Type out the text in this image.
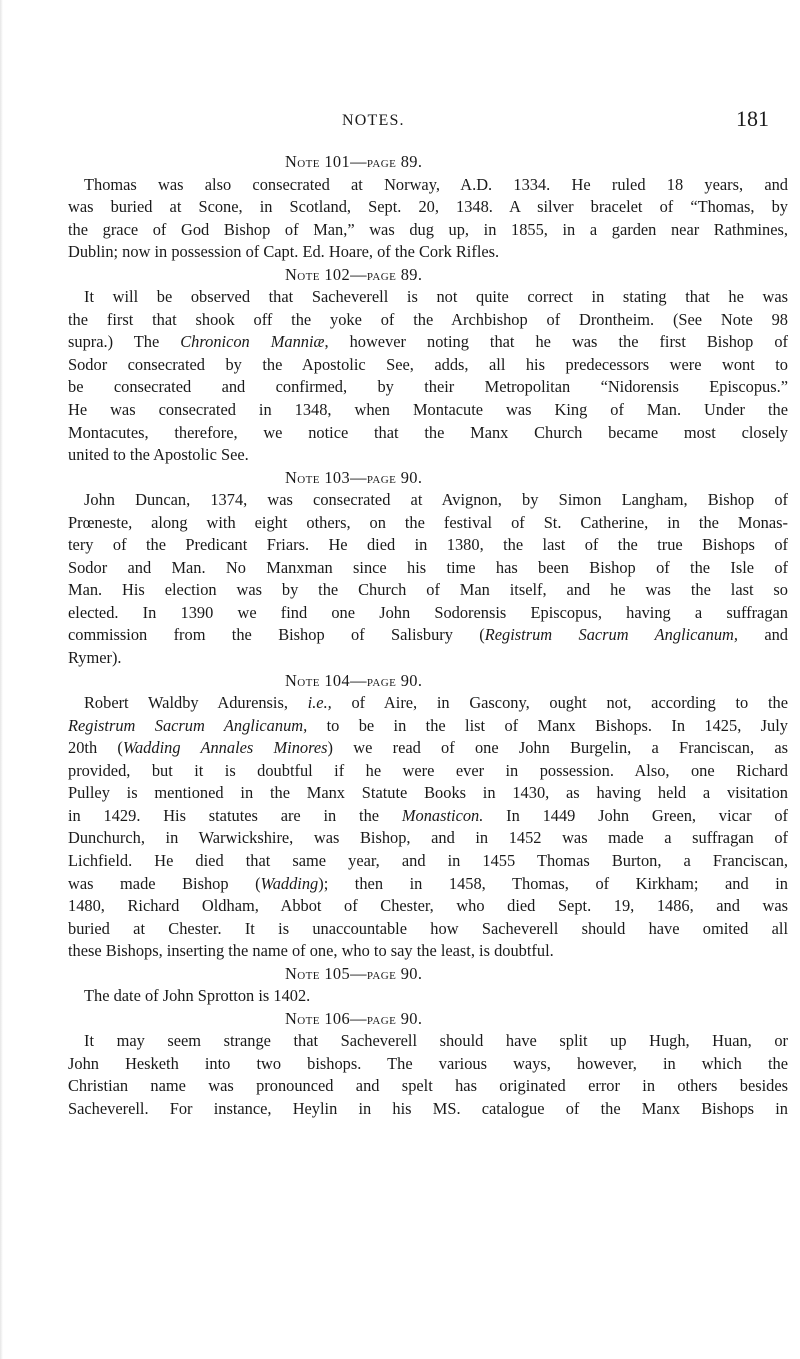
NOTES.	181
Note 101—page 89.
Thomas was also consecrated at Norway, A.D. 1334. He ruled 18 years, and
was buried at Scone, in Scotland, Sept. 20, 1348. A silver bracelet of “Thomas, by
the grace of God Bishop of Man,” was dug up, in 1855, in a garden near Rathmines,
Dublin; now in possession of Capt. Ed. Hoare, of the Cork Rifles.
Note 102—page 89.
It will be observed that Sacheverell is not quite correct in stating that he was
the first that shook off the yoke of the Archbishop of Drontheim. (See Note 98
supra.) The Chronicon Manniæ, however noting that he was the first Bishop of
Sodor consecrated by the Apostolic See, adds, all his predecessors were wont to
be consecrated and confirmed, by their Metropolitan “Nidorensis Episcopus.”
He was consecrated in 1348, when Montacute was King of Man. Under the
Montacutes, therefore, we notice that the Manx Church became most closely
united to the Apostolic See.
Note 103—page 90.
John Duncan, 1374, was consecrated at Avignon, by Simon Langham, Bishop of
Prœneste, along with eight others, on the festival of St. Catherine, in the Monas-
tery of the Predicant Friars. He died in 1380, the last of the true Bishops of
Sodor and Man. No Manxman since his time has been Bishop of the Isle of
Man. His election was by the Church of Man itself, and he was the last so
elected. In 1390 we find one John Sodorensis Episcopus, having a suffragan
commission from the Bishop of Salisbury (Registrum Sacrum Anglicanum, and
Rymer).
Note 104—page 90.
Robert Waldby Adurensis, i.e., of Aire, in Gascony, ought not, according to the
Registrum Sacrum Anglicanum, to be in the list of Manx Bishops. In 1425, July
20th (Wadding Annales Minores) we read of one John Burgelin, a Franciscan, as
provided, but it is doubtful if he were ever in possession. Also, one Richard
Pulley is mentioned in the Manx Statute Books in 1430, as having held a visitation
in 1429. His statutes are in the Monasticon. In 1449 John Green, vicar of
Dunchurch, in Warwickshire, was Bishop, and in 1452 was made a suffragan of
Lichfield. He died that same year, and in 1455 Thomas Burton, a Franciscan,
was made Bishop (Wadding); then in 1458, Thomas, of Kirkham; and in
1480, Richard Oldham, Abbot of Chester, who died Sept. 19, 1486, and was
buried at Chester. It is unaccountable how Sacheverell should have omited all
these Bishops, inserting the name of one, who to say the least, is doubtful.
Note 105—page 90.
The date of John Sprotton is 1402.
Note 106—page 90.
It may seem strange that Sacheverell should have split up Hugh, Huan, or
John Hesketh into two bishops. The various ways, however, in which the
Christian name was pronounced and spelt has originated error in others besides
Sacheverell. For instance, Heylin in his MS. catalogue of the Manx Bishops in
